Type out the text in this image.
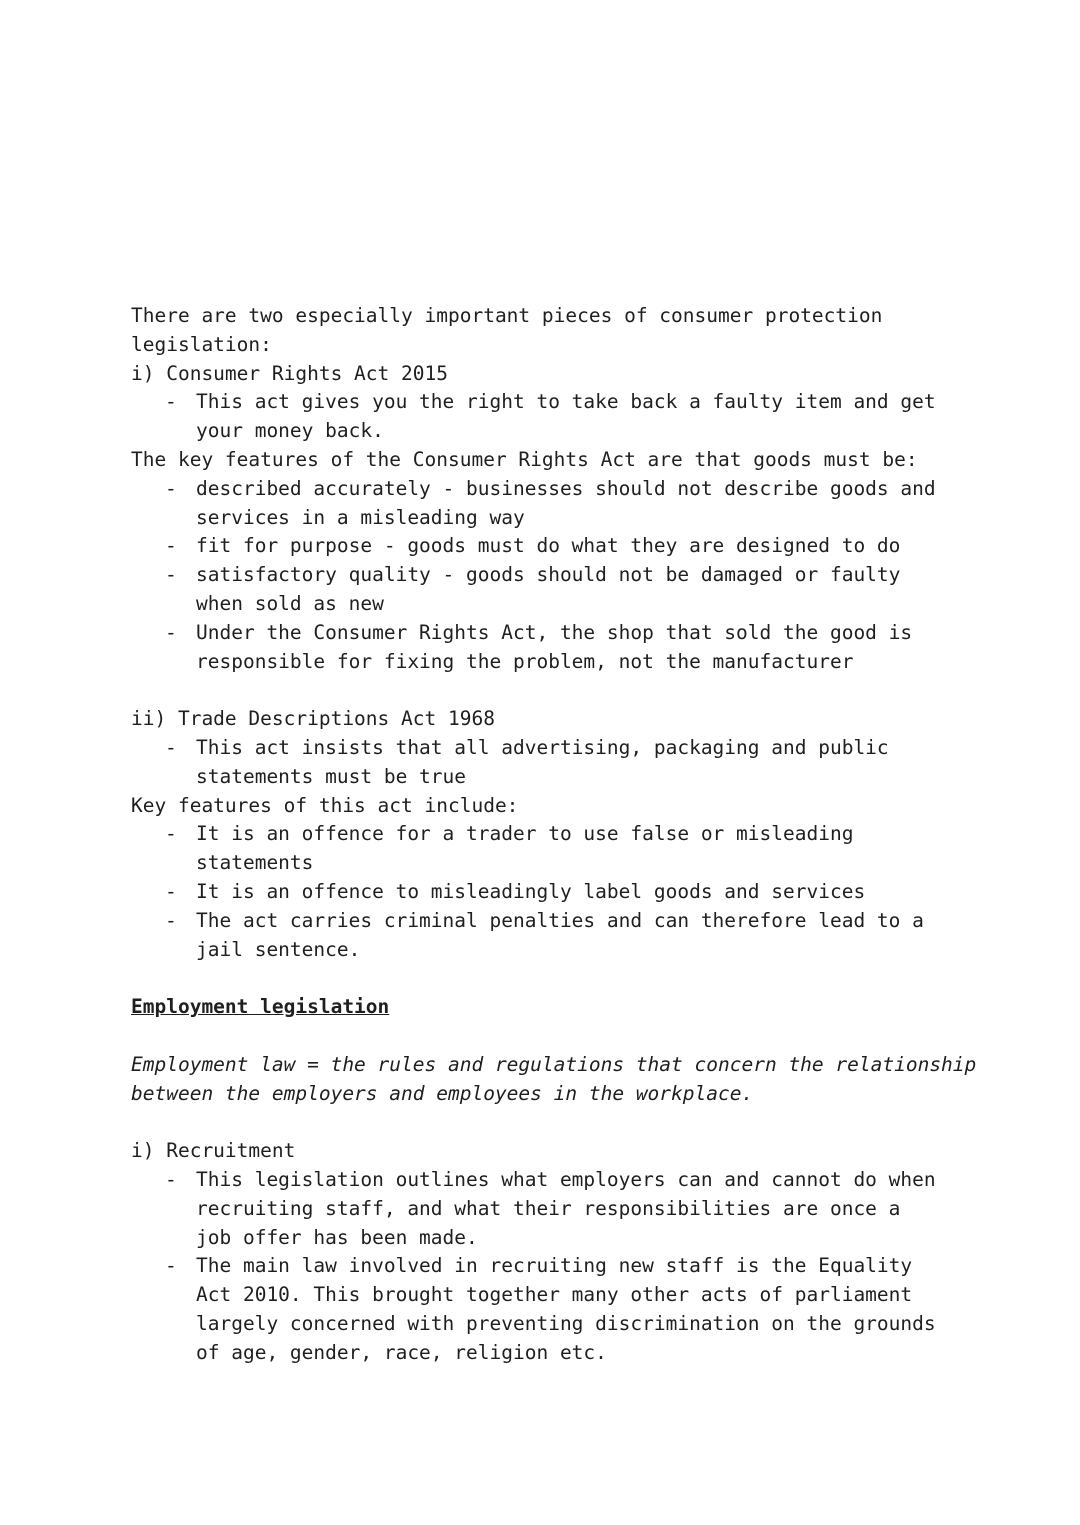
There are two especially important pieces of consumer protection legislation:

i) Consumer Rights Act 2015

- This act gives you the right to take back a faulty item and get your money back.

The key features of the Consumer Rights Act are that goods must be:

- described accurately - businesses should not describe goods and services in a misleading way
- fit for purpose - goods must do what they are designed to do
- satisfactory quality - goods should not be damaged or faulty when sold as new
- Under the Consumer Rights Act, the shop that sold the good is responsible for fixing the problem, not the manufacturer

ii) Trade Descriptions Act 1968

- This act insists that all advertising, packaging and public statements must be true

Key features of this act include:

- It is an offence for a trader to use false or misleading statements
- It is an offence to misleadingly label goods and services
- The act carries criminal penalties and can therefore lead to a jail sentence.

Employment legislation

Employment law = the rules and regulations that concern the relationship between the employers and employees in the workplace.

i) Recruitment

- This legislation outlines what employers can and cannot do when recruiting staff, and what their responsibilities are once a job offer has been made.
- The main law involved in recruiting new staff is the Equality Act 2010. This brought together many other acts of parliament largely concerned with preventing discrimination on the grounds of age, gender, race, religion etc.
